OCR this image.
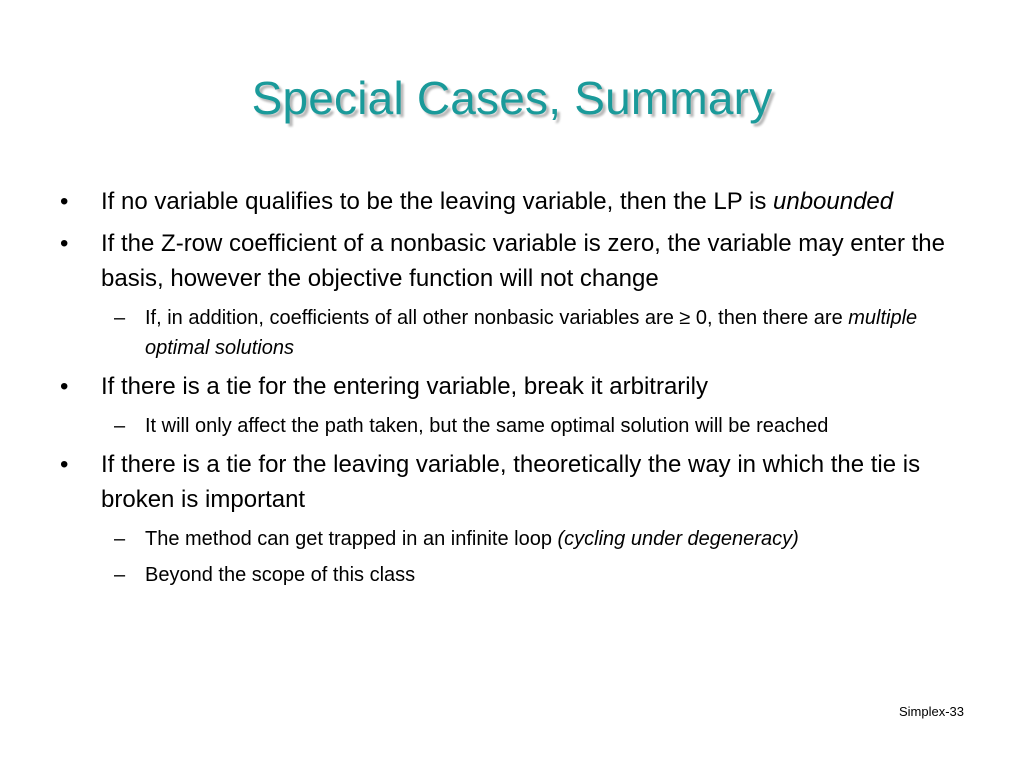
Special Cases, Summary
•	If no variable qualifies to be the leaving variable, then the LP is unbounded
•	If the Z-row coefficient of a nonbasic variable is zero, the variable may enter the basis, however the objective function will not change
– If, in addition, coefficients of all other nonbasic variables are ≥ 0, then there are multiple optimal solutions
•	If there is a tie for the entering variable, break it arbitrarily
– It will only affect the path taken, but the same optimal solution will be reached
•	If there is a tie for the leaving variable, theoretically the way in which the tie is broken is important
– The method can get trapped in an infinite loop (cycling under degeneracy)
– Beyond the scope of this class
Simplex-33
